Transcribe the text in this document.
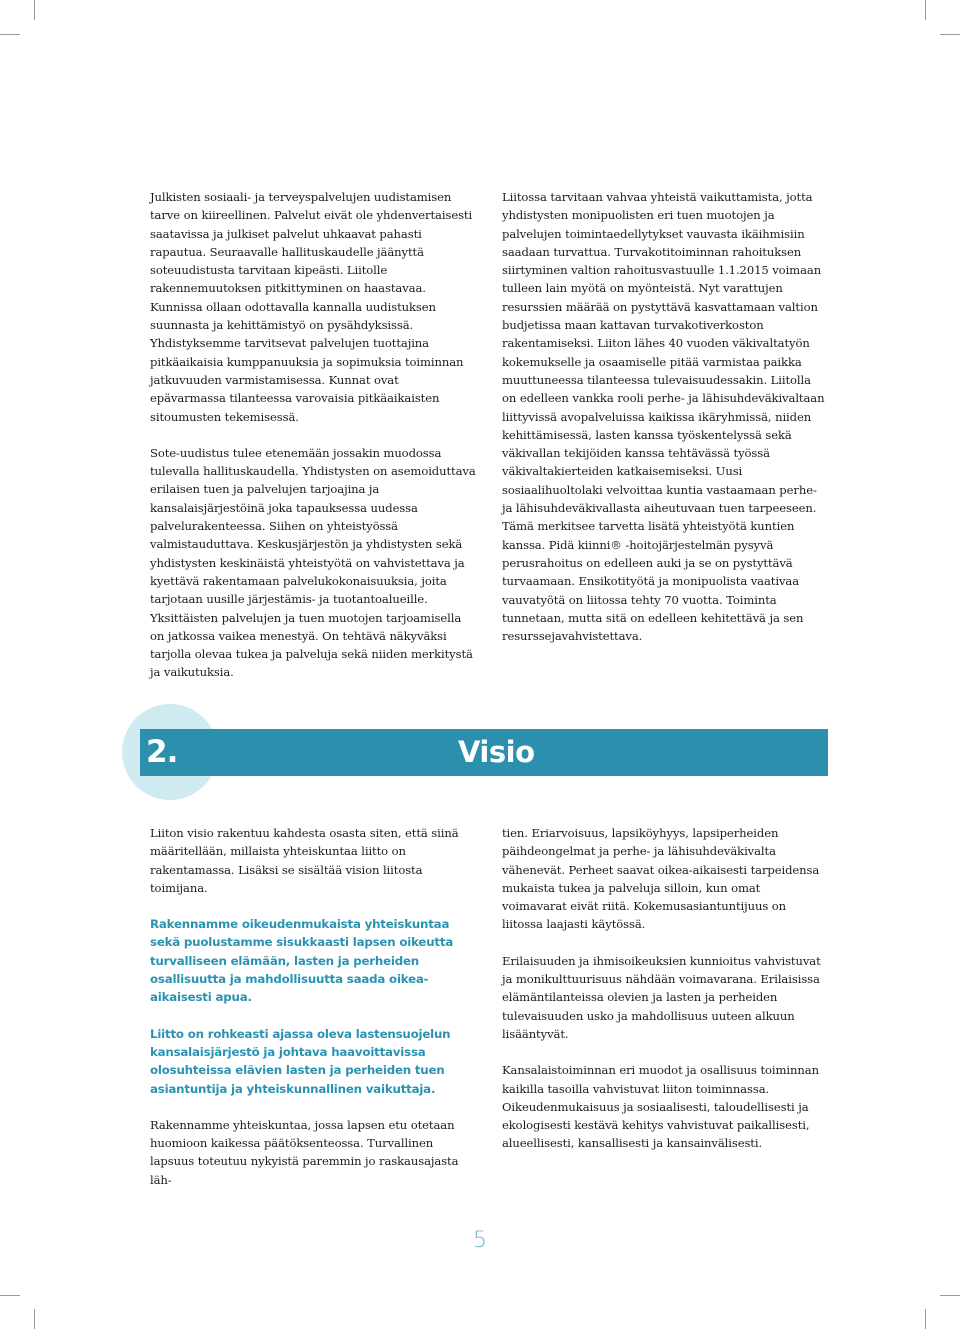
Julkisten sosiaali- ja terveyspalvelujen uudistamisen tarve on kiireellinen. Palvelut eivät ole yhdenvertaisesti saatavissa ja julkiset palvelut uhkaavat pahasti rapautua. Seuraavalle hallituskaudelle jäänyttä soteuudistusta tarvitaan kipeästi. Liitolle rakennemuutoksen pitkittyminen on haastavaa. Kunnissa ollaan odottavalla kannalla uudistuksen suunnasta ja kehittämistyö on pysähdyksissä. Yhdistyksemme tarvitsevat palvelujen tuottajina pitkäaikaisia kumppanuuksia ja sopimuksia toiminnan jatkuvuuden varmistamisessa. Kunnat ovat epävarmassa tilanteessa varovaisia pitkäaikaisten sitoumusten tekemisessä.

Sote-uudistus tulee etenemään jossakin muodossa tulevalla hallituskaudella. Yhdistysten on asemoiduttava erilaisen tuen ja palvelujen tarjoajina ja kansalaisjärjestöinä joka tapauksessa uudessa palvelurakenteessa. Siihen on yhteistyössä valmistauduttava. Keskusjärjestön ja yhdistysten sekä yhdistysten keskinäistä yhteistyötä on vahvistettava ja kyettävä rakentamaan palvelukokonaisuuksia, joita tarjotaan uusille järjestämis- ja tuotantoalueille. Yksittäisten palvelujen ja tuen muotojen tarjoamisella on jatkossa vaikea menestyä. On tehtävä näkyväksi tarjolla olevaa tukea ja palveluja sekä niiden merkitystä ja vaikutuksia.

Liitossa tarvitaan vahvaa yhteistä vaikuttamista, jotta yhdistysten monipuolisten eri tuen muotojen ja palvelujen toimintaedellytykset vauvasta ikäihmisiin saadaan turvattua. Turvakotitoiminnan rahoituksen siirtyminen valtion rahoitusvastuulle 1.1.2015 voimaan tulleen lain myötä on myönteistä. Nyt varattujen resurssien määrää on pystyttävä kasvattamaan valtion budjetissa maan kattavan turvakotiverkoston rakentamiseksi. Liiton lähes 40 vuoden väkivaltatyön kokemukselle ja osaamiselle pitää varmistaa paikka muuttuneessa tilanteessa tulevaisuudessakin. Liitolla on edelleen vankka rooli perhe- ja lähisuhdeväkivaltaan liittyvissä avopalveluissa kaikissa ikäryhmissä, niiden kehittämisessä, lasten kanssa työskentelyssä sekä väkivallan tekijöiden kanssa tehtävässä työssä väkivaltakierteiden katkaisemiseksi. Uusi sosiaalihuoltolaki velvoittaa kuntia vastaamaan perhe- ja lähisuhdeväkivallasta aiheutuvaan tuen tarpeeseen. Tämä merkitsee tarvetta lisätä yhteistyötä kuntien kanssa. Pidä kiinni® -hoitojärjestelmän pysyvä perusrahoitus on edelleen auki ja se on pystyttävä turvaamaan. Ensikotityötä ja monipuolista vaativaa vauvatyötä on liitossa tehty 70 vuotta. Toiminta tunnetaan, mutta sitä on edelleen kehitettävä ja sen resurssejavahvistettava.

Visio
2.

Liiton visio rakentuu kahdesta osasta siten, että siinä määritellään, millaista yhteiskuntaa liitto on rakentamassa. Lisäksi se sisältää vision liitosta toimijana.

Rakennamme oikeudenmukaista yhteiskuntaa sekä puolustamme sisukkaasti lapsen oikeutta turvalliseen elämään, lasten ja perheiden osallisuutta ja mahdollisuutta saada oikea-aikaisesti apua.

Liitto on rohkeasti ajassa oleva lastensuojelun kansalaisjärjestö ja johtava haavoittavissa olosuhteissa elävien lasten ja perheiden tuen asiantuntija ja yhteiskunnallinen vaikuttaja.

Rakennamme yhteiskuntaa, jossa lapsen etu otetaan huomioon kaikessa päätöksenteossa. Turvallinen lapsuus toteutuu nykyistä paremmin jo raskausajasta läh-

tien. Eriarvoisuus, lapsiköyhyys, lapsiperheiden päihdeongelmat ja perhe- ja lähisuhdeväkivalta vähenevät. Perheet saavat oikea-aikaisesti tarpeidensa mukaista tukea ja palveluja silloin, kun omat voimavarat eivät riitä. Kokemusasiantuntijuus on liitossa laajasti käytössä.

Erilaisuuden ja ihmisoikeuksien kunnioitus vahvistuvat ja monikulttuurisuus nähdään voimavarana. Erilaisissa elämäntilanteissa olevien ja lasten ja perheiden tulevaisuuden usko ja mahdollisuus uuteen alkuun lisääntyvät.

Kansalaistoiminnan eri muodot ja osallisuus toiminnan kaikilla tasoilla vahvistuvat liiton toiminnassa. Oikeudenmukaisuus ja sosiaalisesti, taloudellisesti ja ekologisesti kestävä kehitys vahvistuvat paikallisesti, alueellisesti, kansallisesti ja kansainvälisesti.

5
